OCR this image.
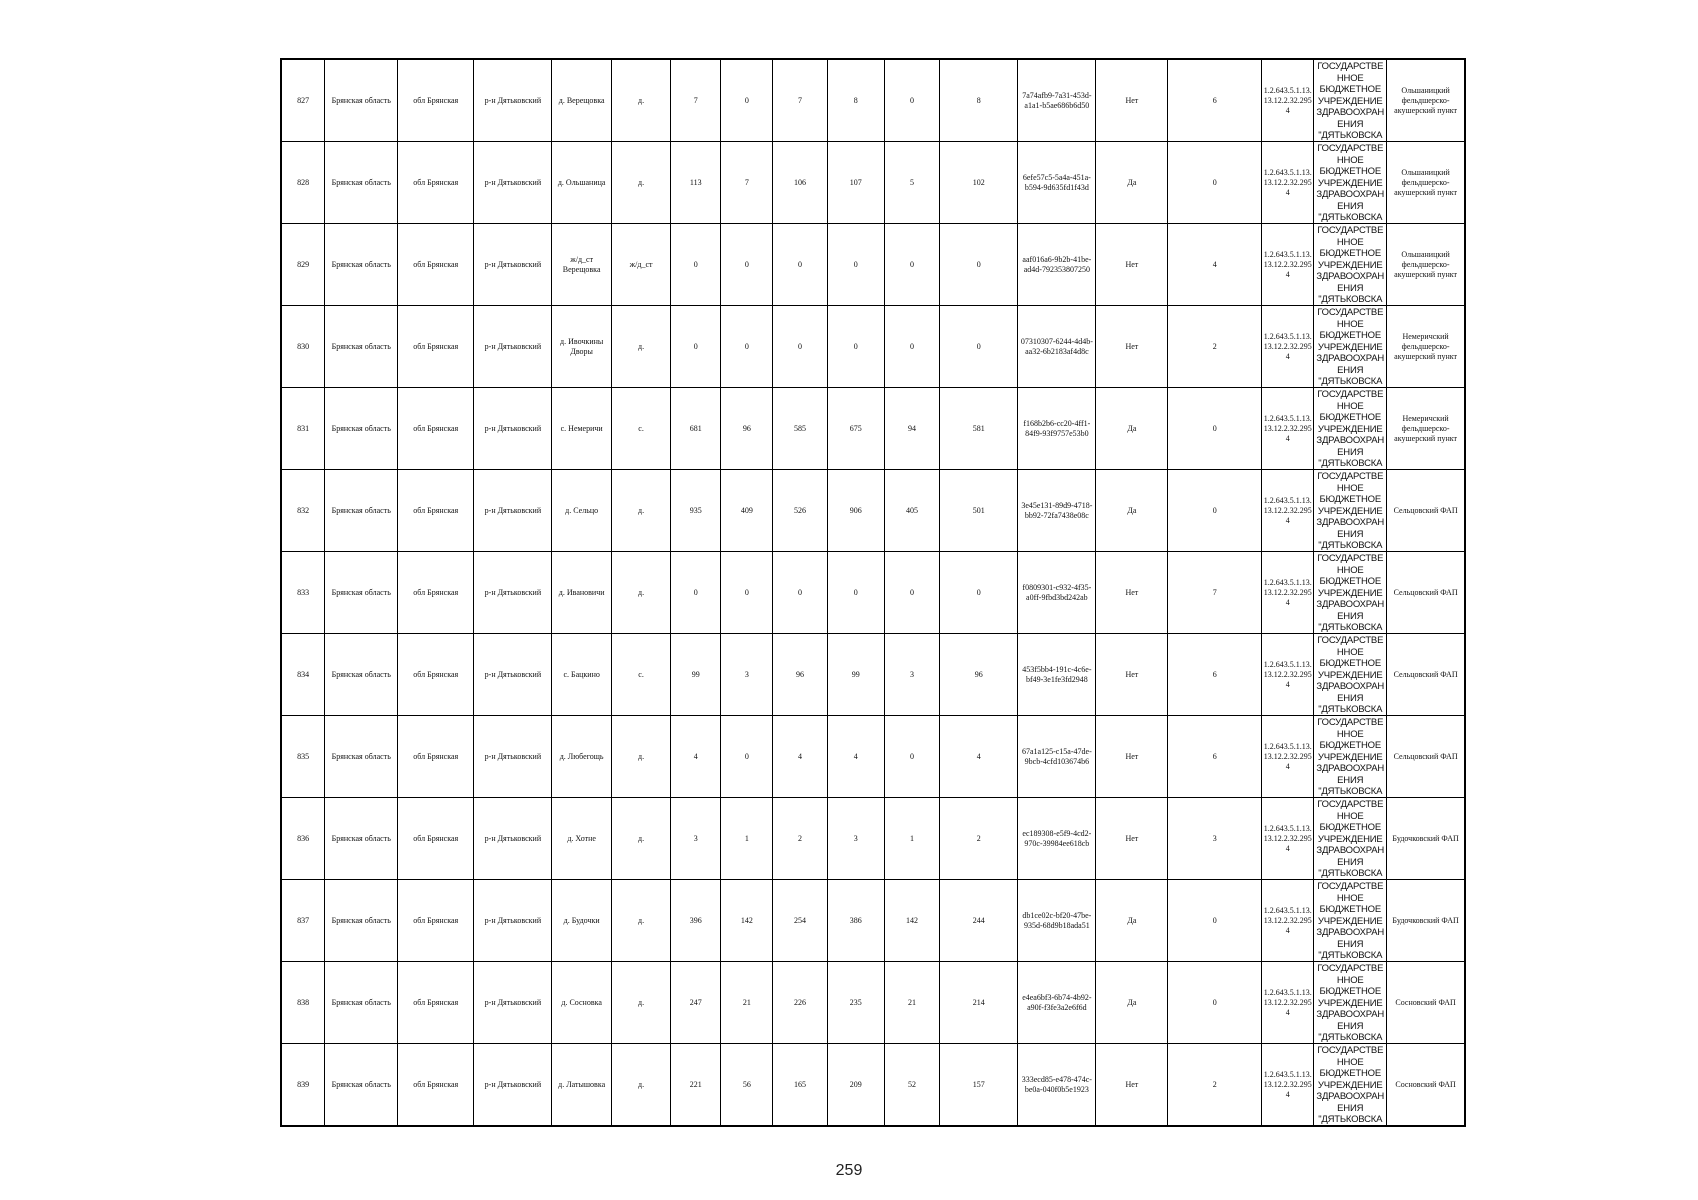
827	Брянская область	обл Брянская	р-н Дятьковский	д. Верещовка	д.	7	0	7	8	0	8	7a74afb9-7a31-453d-a1a1-b5ae686b6d50	Нет	6	1.2.643.5.1.13.13.12.2.32.2954	ГОСУДАРСТВЕННОЕ БЮДЖЕТНОЕ УЧРЕЖДЕНИЕ ЗДРАВООХРАНЕНИЯ "ДЯТЬКОВСКА	Ольшаницкий фельдшерско-акушерский пункт
828	Брянская область	обл Брянская	р-н Дятьковский	д. Ольшаница	д.	113	7	106	107	5	102	6efe57c5-5a4a-451a-b594-9d635fd1f43d	Да	0	1.2.643.5.1.13.13.12.2.32.2954	ГОСУДАРСТВЕННОЕ БЮДЖЕТНОЕ УЧРЕЖДЕНИЕ ЗДРАВООХРАНЕНИЯ "ДЯТЬКОВСКА	Ольшаницкий фельдшерско-акушерский пункт
829	Брянская область	обл Брянская	р-н Дятьковский	ж/д_ст Верещовка	ж/д_ст	0	0	0	0	0	0	aaf016a6-9b2b-41be-ad4d-792353807250	Нет	4	1.2.643.5.1.13.13.12.2.32.2954	ГОСУДАРСТВЕННОЕ БЮДЖЕТНОЕ УЧРЕЖДЕНИЕ ЗДРАВООХРАНЕНИЯ "ДЯТЬКОВСКА	Ольшаницкий фельдшерско-акушерский пункт
830	Брянская область	обл Брянская	р-н Дятьковский	д. Ивочкины Дворы	д.	0	0	0	0	0	0	07310307-6244-4d4b-aa32-6b2183af4d8c	Нет	2	1.2.643.5.1.13.13.12.2.32.2954	ГОСУДАРСТВЕННОЕ БЮДЖЕТНОЕ УЧРЕЖДЕНИЕ ЗДРАВООХРАНЕНИЯ "ДЯТЬКОВСКА	Немеричский фельдшерско-акушерский пункт
831	Брянская область	обл Брянская	р-н Дятьковский	с. Немеричи	с.	681	96	585	675	94	581	f168b2b6-cc20-4ff1-84f9-93f9757e53b0	Да	0	1.2.643.5.1.13.13.12.2.32.2954	ГОСУДАРСТВЕННОЕ БЮДЖЕТНОЕ УЧРЕЖДЕНИЕ ЗДРАВООХРАНЕНИЯ "ДЯТЬКОВСКА	Немеричский фельдшерско-акушерский пункт
832	Брянская область	обл Брянская	р-н Дятьковский	д. Сельцо	д.	935	409	526	906	405	501	3e45e131-89d9-4718-bb92-72fa7438e08c	Да	0	1.2.643.5.1.13.13.12.2.32.2954	ГОСУДАРСТВЕННОЕ БЮДЖЕТНОЕ УЧРЕЖДЕНИЕ ЗДРАВООХРАНЕНИЯ "ДЯТЬКОВСКА	Сельцовский ФАП
833	Брянская область	обл Брянская	р-н Дятьковский	д. Ивановичи	д.	0	0	0	0	0	0	f0809301-c932-4f35-a0ff-9fbd3bd242ab	Нет	7	1.2.643.5.1.13.13.12.2.32.2954	ГОСУДАРСТВЕННОЕ БЮДЖЕТНОЕ УЧРЕЖДЕНИЕ ЗДРАВООХРАНЕНИЯ "ДЯТЬКОВСКА	Сельцовский ФАП
834	Брянская область	обл Брянская	р-н Дятьковский	с. Бацкино	с.	99	3	96	99	3	96	453f5bb4-191c-4c6e-bf49-3e1fe3fd2948	Нет	6	1.2.643.5.1.13.13.12.2.32.2954	ГОСУДАРСТВЕННОЕ БЮДЖЕТНОЕ УЧРЕЖДЕНИЕ ЗДРАВООХРАНЕНИЯ "ДЯТЬКОВСКА	Сельцовский ФАП
835	Брянская область	обл Брянская	р-н Дятьковский	д. Любегощь	д.	4	0	4	4	0	4	67a1a125-c15a-47de-9bcb-4cfd103674b6	Нет	6	1.2.643.5.1.13.13.12.2.32.2954	ГОСУДАРСТВЕННОЕ БЮДЖЕТНОЕ УЧРЕЖДЕНИЕ ЗДРАВООХРАНЕНИЯ "ДЯТЬКОВСКА	Сельцовский ФАП
836	Брянская область	обл Брянская	р-н Дятьковский	д. Хотне	д.	3	1	2	3	1	2	ec189308-e5f9-4cd2-970c-39984ee618cb	Нет	3	1.2.643.5.1.13.13.12.2.32.2954	ГОСУДАРСТВЕННОЕ БЮДЖЕТНОЕ УЧРЕЖДЕНИЕ ЗДРАВООХРАНЕНИЯ "ДЯТЬКОВСКА	Будочковский ФАП
837	Брянская область	обл Брянская	р-н Дятьковский	д. Будочки	д.	396	142	254	386	142	244	db1ce02c-bf20-47be-935d-68d9b18ada51	Да	0	1.2.643.5.1.13.13.12.2.32.2954	ГОСУДАРСТВЕННОЕ БЮДЖЕТНОЕ УЧРЕЖДЕНИЕ ЗДРАВООХРАНЕНИЯ "ДЯТЬКОВСКА	Будочковский ФАП
838	Брянская область	обл Брянская	р-н Дятьковский	д. Сосновка	д.	247	21	226	235	21	214	e4ea6bf3-6b74-4b92-a90f-f3fe3a2e6f6d	Да	0	1.2.643.5.1.13.13.12.2.32.2954	ГОСУДАРСТВЕННОЕ БЮДЖЕТНОЕ УЧРЕЖДЕНИЕ ЗДРАВООХРАНЕНИЯ "ДЯТЬКОВСКА	Сосновский ФАП
839	Брянская область	обл Брянская	р-н Дятьковский	д. Латышовка	д.	221	56	165	209	52	157	333ecd85-e478-474c-be0a-040f0b5e1923	Нет	2	1.2.643.5.1.13.13.12.2.32.2954	ГОСУДАРСТВЕННОЕ БЮДЖЕТНОЕ УЧРЕЖДЕНИЕ ЗДРАВООХРАНЕНИЯ "ДЯТЬКОВСКА	Сосновский ФАП
259
